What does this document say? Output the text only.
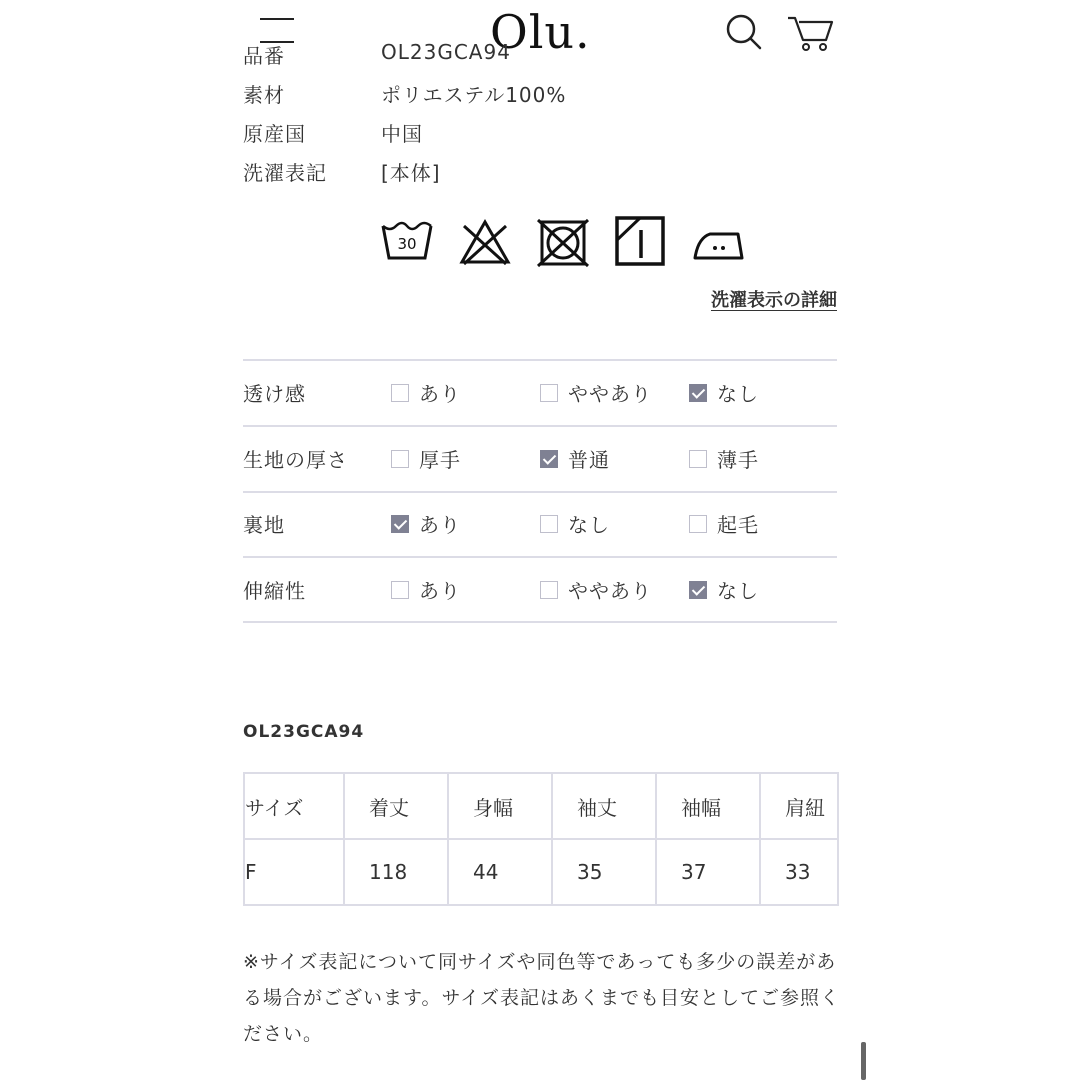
Olu.
品番	OL23GCA94
素材	ポリエステル100%
原産国	中国
洗濯表記	[本体]
30
洗濯表示の詳細
透け感	あり	ややあり	なし
生地の厚さ	厚手	普通	薄手
裏地	あり	なし	起毛
伸縮性	あり	ややあり	なし
OL23GCA94
サイズ	着丈	身幅	袖丈	袖幅	肩紐
F	118	44	35	37	33
※サイズ表記について同サイズや同色等であっても多少の誤差がある場合がございます。サイズ表記はあくまでも目安としてご参照ください。
